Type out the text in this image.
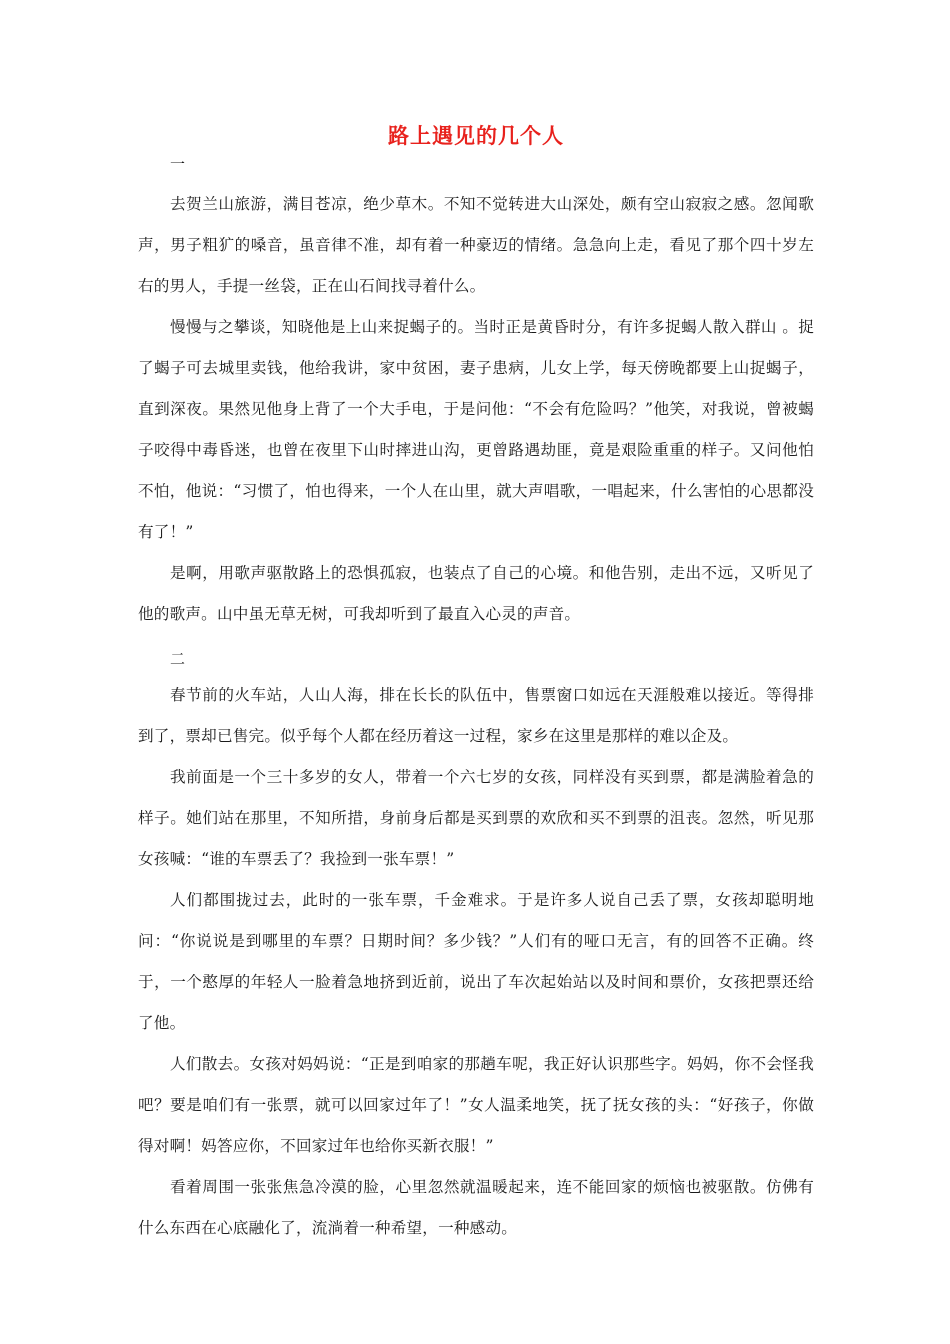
路上遇见的几个人

一

去贺兰山旅游，满目苍凉，绝少草木。不知不觉转进大山深处，颇有空山寂寂之感。忽闻歌声，男子粗犷的嗓音，虽音律不准，却有着一种豪迈的情绪。急急向上走，看见了那个四十岁左右的男人，手提一丝袋，正在山石间找寻着什么。

慢慢与之攀谈，知晓他是上山来捉蝎子的。当时正是黄昏时分，有许多捉蝎人散入群山 。捉了蝎子可去城里卖钱，他给我讲，家中贫困，妻子患病，儿女上学，每天傍晚都要上山捉蝎子，直到深夜。果然见他身上背了一个大手电，于是问他：“不会有危险吗？”他笑，对我说，曾被蝎子咬得中毒昏迷，也曾在夜里下山时摔进山沟，更曾路遇劫匪，竟是艰险重重的样子。又问他怕不怕，他说：“习惯了，怕也得来，一个人在山里，就大声唱歌，一唱起来，什么害怕的心思都没有了！”

是啊，用歌声驱散路上的恐惧孤寂，也装点了自己的心境。和他告别，走出不远，又听见了他的歌声。山中虽无草无树，可我却听到了最直入心灵的声音。

二

春节前的火车站，人山人海，排在长长的队伍中，售票窗口如远在天涯般难以接近。等得排到了，票却已售完。似乎每个人都在经历着这一过程，家乡在这里是那样的难以企及。

我前面是一个三十多岁的女人，带着一个六七岁的女孩，同样没有买到票，都是满脸着急的样子。她们站在那里，不知所措，身前身后都是买到票的欢欣和买不到票的沮丧。忽然，听见那女孩喊：“谁的车票丢了？我捡到一张车票！”

人们都围拢过去，此时的一张车票，千金难求。于是许多人说自己丢了票，女孩却聪明地问：“你说说是到哪里的车票？日期时间？多少钱？”人们有的哑口无言，有的回答不正确。终于，一个憨厚的年轻人一脸着急地挤到近前，说出了车次起始站以及时间和票价，女孩把票还给了他。

人们散去。女孩对妈妈说：“正是到咱家的那趟车呢，我正好认识那些字。妈妈，你不会怪我吧？要是咱们有一张票，就可以回家过年了！”女人温柔地笑，抚了抚女孩的头：“好孩子，你做得对啊！妈答应你，不回家过年也给你买新衣服！”

看着周围一张张焦急冷漠的脸，心里忽然就温暖起来，连不能回家的烦恼也被驱散。仿佛有什么东西在心底融化了，流淌着一种希望，一种感动。
